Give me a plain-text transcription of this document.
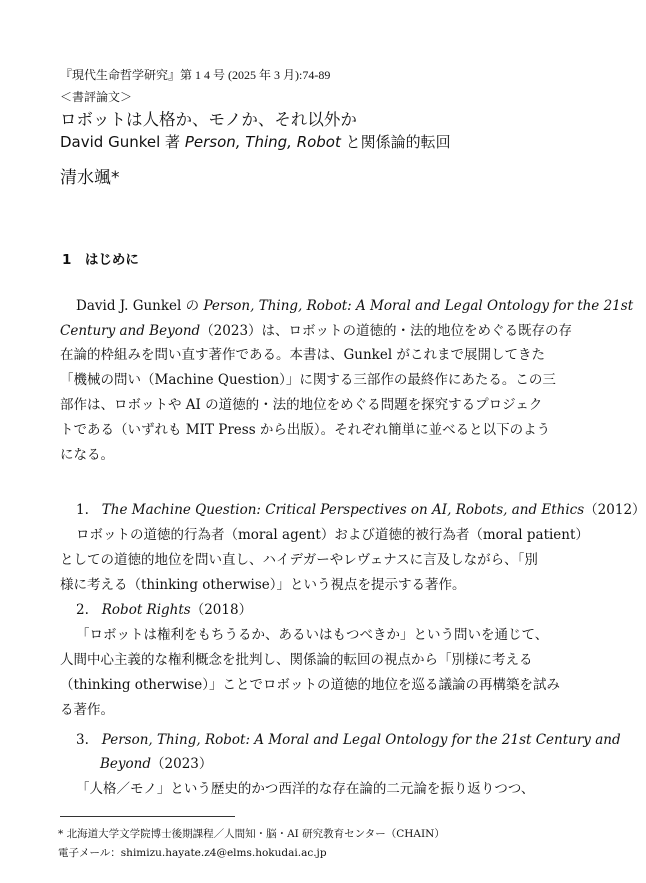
『現代生命哲学研究』第 1 4 号 (2025 年 3 月):74-89
＜書評論文＞
ロボットは人格か、モノか、それ以外か
David Gunkel 著 Person, Thing, Robot と関係論的転回
清水颯*
1　はじめに
David J. Gunkel の Person, Thing, Robot: A Moral and Legal Ontology for the 21st
Century and Beyond（2023）は、ロボットの道徳的・法的地位をめぐる既存の存
在論的枠組みを問い直す著作である。本書は、Gunkel がこれまで展開してきた
「機械の問い（Machine Question）」に関する三部作の最終作にあたる。この三
部作は、ロボットや AI の道徳的・法的地位をめぐる問題を探究するプロジェク
トである（いずれも MIT Press から出版）。それぞれ簡単に並べると以下のよう
になる。
1. The Machine Question: Critical Perspectives on AI, Robots, and Ethics（2012）
ロボットの道徳的行為者（moral agent）および道徳的被行為者（moral patient）
としての道徳的地位を問い直し、ハイデガーやレヴェナスに言及しながら、「別
様に考える（thinking otherwise）」という視点を提示する著作。
2. Robot Rights（2018）
「ロボットは権利をもちうるか、あるいはもつべきか」という問いを通じて、
人間中心主義的な権利概念を批判し、関係論的転回の視点から「別様に考える
（thinking otherwise）」ことでロボットの道徳的地位を巡る議論の再構築を試み
る著作。
3. Person, Thing, Robot: A Moral and Legal Ontology for the 21st Century and
Beyond（2023）
「人格／モノ」という歴史的かつ西洋的な存在論的二元論を振り返りつつ、
* 北海道大学文学院博士後期課程／人間知・脳・AI 研究教育センター（CHAIN）
電子メール：shimizu.hayate.z4@elms.hokudai.ac.jp
